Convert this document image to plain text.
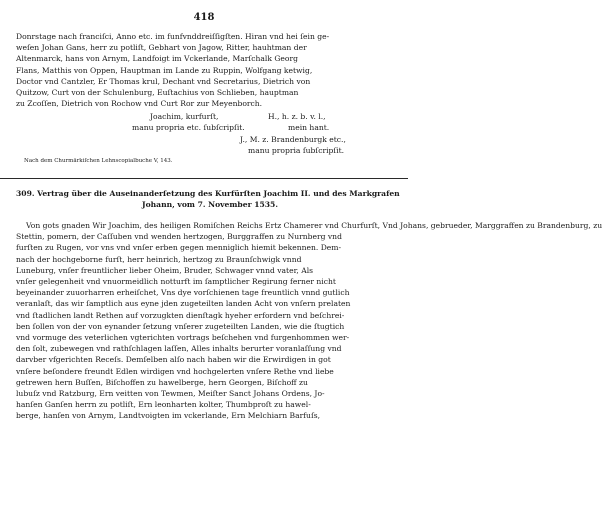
418
Donrstage nach franciſci, Anno etc. im funfvnddreiſſigſten. Hiran vnd hei ſein ge-
weſen Johan Gans, herr zu potliſt, Gebhart von Jagow, Ritter, hauhtman der
Altenmarck, hans von Arnym, Landfoigt im Vckerlande, Marſchalk Georg
Flans, Matthis von Oppen, Hauptman im Lande zu Ruppin, Wolfgang ketwig,
Doctor vnd Cantzler, Er Thomas krul, Dechant vnd Secretarius, Dietrich von
Quitzow, Curt von der Schulenburg, Euſtachius von Schlieben, hauptman
zu Zcoſſen, Dietrich von Rochow vnd Curt Ror zur Meyenborch.
Joachim, kurfurſt,
manu propria etc. ſubſcripſit.
H., h. z. b. v. l.,
mein hant.
J., M. z. Brandenburgk etc.,
manu propria ſubſcripſit.
Nach dem Churmärkiſchen Lehnscopialbuche V, 143.
309. Vertrag über die Auseinanderſetzung des Kurfürſten Joachim II. und des Markgrafen
Johann, vom 7. November 1535.
Von gots gnaden Wir Joachim, des heiligen Romiſchen Reichs Ertz Chamerer vnd Churfurſt, Vnd Johans, gebrueder, Marggraffen zu Brandenburg, zu
Stettin, pomern, der Caſſuben vnd wenden hertzogen, Burggraffen zu Nurnberg vnd
furſten zu Rugen, vor vns vnd vnſer erben gegen menniglich hiemit bekennen. Dem-
nach der hochgeborne furſt, herr heinrich, hertzog zu Braunſchwigk vnnd
Luneburg, vnſer freuntlicher lieber Oheim, Bruder, Schwager vnnd vater, Als
vnſer gelegenheit vnd vnuormeidlich notturft im ſamptlicher Regirung ferner nicht
beyeinander zuuorharren erheiſchet, Vns dye vorſchienen tage freuntlich vnnd gutlich
veranlaſt, das wir ſamptlich aus eyne jden zugeteilten landen Acht von vnſern prelaten
vnd ſtadlichen landt Rethen auf vorzugkten dienſtagk hyeher erfordern vnd beſchrei-
ben ſollen von der von eynander ſetzung vnſerer zugeteilten Landen, wie die ſtugtich
vnd vormuge des veterlichen vgterichten vortrags beſchehen vnd furgenhommen wer-
den ſolt, zubewegen vnd rathſchlagen laſſen, Alles inhalts berurter voranlaſſung vnd
darvber vfgerichten Receſs. Demſelben alſo nach haben wir die Erwirdigen in got
vnſere beſondere freundt Edlen wirdigen vnd hochgelerten vnſere Rethe vnd liebe
getrewen hern Buſſen, Biſchoffen zu hawelberge, hern Georgen, Biſchoff zu
lubuſz vnd Ratzburg, Ern veitten von Tewmen, Meiſter Sanct Johans Ordens, Jo-
hanſen Ganſen herrn zu potliſt, Ern leonharten kolter, Thumbproſt zu hawel-
berge, hanſen von Arnym, Landtvoigten im vckerlande, Ern Melchiarn Barfuſs,
